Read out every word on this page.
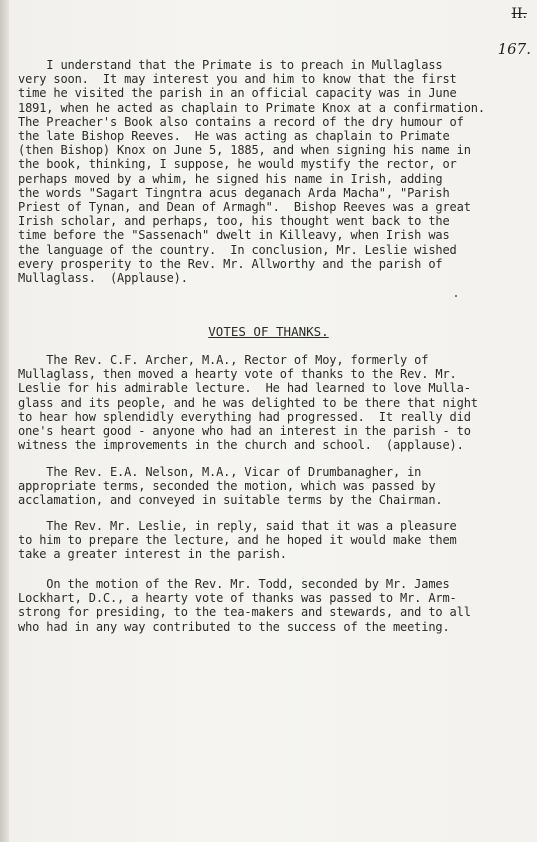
II.
167.

I understand that the Primate is to preach in Mullaglass

very soon.  It may interest you and him to know that the first

time he visited the parish in an official capacity was in June

1891, when he acted as chaplain to Primate Knox at a confirmation.

The Preacher's Book also contains a record of the dry humour of

the late Bishop Reeves.  He was acting as chaplain to Primate

(then Bishop) Knox on June 5, 1885, and when signing his name in

the book, thinking, I suppose, he would mystify the rector, or

perhaps moved by a whim, he signed his name in Irish, adding

the words "Sagart Tingntra acus deganach Arda Macha", "Parish

Priest of Tynan, and Dean of Armagh".  Bishop Reeves was a great

Irish scholar, and perhaps, too, his thought went back to the

time before the "Sassenach" dwelt in Killeavy, when Irish was

the language of the country.  In conclusion, Mr. Leslie wished

every prosperity to the Rev. Mr. Allworthy and the parish of

Mullaglass.  (Applause).

VOTES OF THANKS.

The Rev. C.F. Archer, M.A., Rector of Moy, formerly of

Mullaglass, then moved a hearty vote of thanks to the Rev. Mr.

Leslie for his admirable lecture.  He had learned to love Mulla-

glass and its people, and he was delighted to be there that night

to hear how splendidly everything had progressed.  It really did

one's heart good - anyone who had an interest in the parish - to

witness the improvements in the church and school.  (applause).

The Rev. E.A. Nelson, M.A., Vicar of Drumbanagher, in

appropriate terms, seconded the motion, which was passed by

acclamation, and conveyed in suitable terms by the Chairman.

The Rev. Mr. Leslie, in reply, said that it was a pleasure

to him to prepare the lecture, and he hoped it would make them

take a greater interest in the parish.

On the motion of the Rev. Mr. Todd, seconded by Mr. James

Lockhart, D.C., a hearty vote of thanks was passed to Mr. Arm-

strong for presiding, to the tea-makers and stewards, and to all

who had in any way contributed to the success of the meeting.
